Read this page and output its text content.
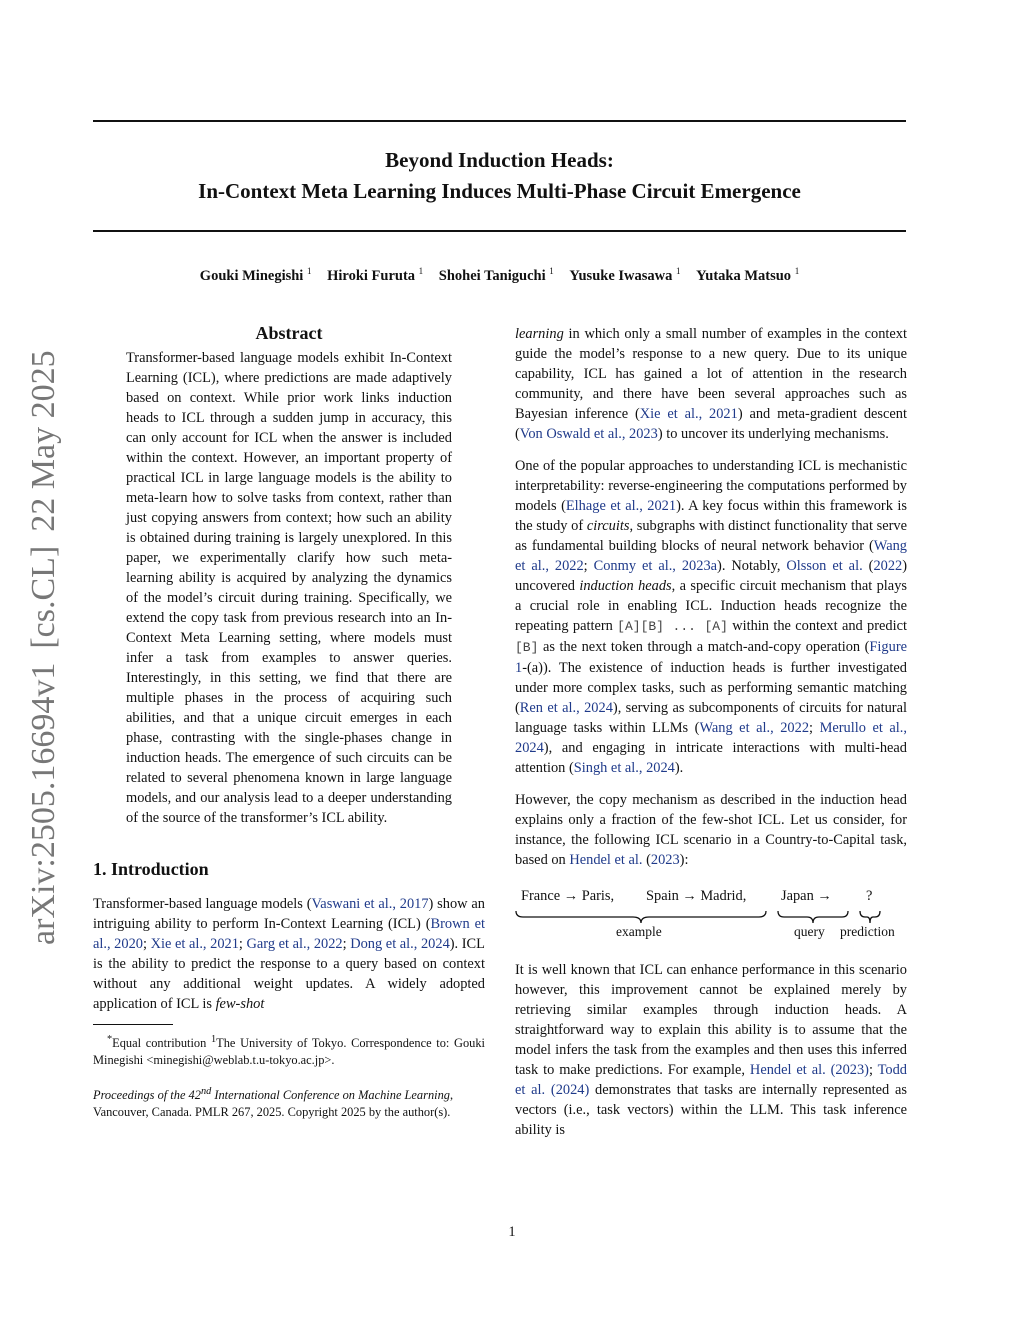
Beyond Induction Heads:
In-Context Meta Learning Induces Multi-Phase Circuit Emergence
Gouki Minegishi $^1$ Hiroki Furuta $^1$ Shohei Taniguchi $^1$ Yusuke Iwasawa $^1$ Yutaka Matsuo $^1$
arXiv:2505.16694v1[cs.CL]22 May 2025
Abstract

Transformer-based language models exhibit In-Context Learning (ICL), where predictions are made adaptively based on context. While prior work links induction heads to ICL through a sudden jump in accuracy, this can only account for ICL when the answer is included within the context. However, an important property of practical ICL in large language models is the ability to meta-learn how to solve tasks from context, rather than just copying answers from context; how such an ability is obtained during training is largely unexplored. In this paper, we experimentally clarify how such meta-learning ability is acquired by analyzing the dynamics of the model’s circuit during training. Specifically, we extend the copy task from previous research into an In-Context Meta Learning setting, where models must infer a task from examples to answer queries. Interestingly, in this setting, we find that there are multiple phases in the process of acquiring such abilities, and that a unique circuit emerges in each phase, contrasting with the single-phases change in induction heads. The emergence of such circuits can be related to several phenomena known in large language models, and our analysis lead to a deeper understanding of the source of the transformer’s ICL ability.

1. Introduction

Transformer-based language models (Vaswani et al., 2017) show an intriguing ability to perform In-Context Learning (ICL) (Brown et al., 2020; Xie et al., 2021; Garg et al., 2022; Dong et al., 2024). ICL is the ability to predict the response to a query based on context without any additional weight updates. A widely adopted application of ICL is few-shot

*Equal contribution $^1$The University of Tokyo. Correspondence to: Gouki Minegishi <minegishi@weblab.t.u-tokyo.ac.jp>.
Proceedings of the 42nd International Conference on Machine Learning, Vancouver, Canada. PMLR 267, 2025. Copyright 2025 by the author(s).

learning in which only a small number of examples in the context guide the model’s response to a new query. Due to its unique capability, ICL has gained a lot of attention in the research community, and there have been several approaches such as Bayesian inference (Xie et al., 2021) and meta-gradient descent (Von Oswald et al., 2023) to uncover its underlying mechanisms.

One of the popular approaches to understanding ICL is mechanistic interpretability: reverse-engineering the computations performed by models (Elhage et al., 2021). A key focus within this framework is the study of circuits, subgraphs with distinct functionality that serve as fundamental building blocks of neural network behavior (Wang et al., 2022; Conmy et al., 2023a). Notably, Olsson et al. (2022) uncovered induction heads, a specific circuit mechanism that plays a crucial role in enabling ICL. Induction heads recognize the repeating pattern [A][B] ... [A] within the context and predict [B] as the next token through a match-and-copy operation (Figure 1-(a)). The existence of induction heads is further investigated under more complex tasks, such as performing semantic matching (Ren et al., 2024), serving as subcomponents of circuits for natural language tasks within LLMs (Wang et al., 2022; Merullo et al., 2024), and engaging in intricate interactions with multi-head attention (Singh et al., 2024).

However, the copy mechanism as described in the induction head explains only a fraction of the few-shot ICL. Let us consider, for instance, the following ICL scenario in a Country-to-Capital task, based on Hendel et al. (2023):

France → Paris, Spain → Madrid, Japan → ?
example	query prediction

It is well known that ICL can enhance performance in this scenario however, this improvement cannot be explained merely by retrieving similar examples through induction heads. A straightforward way to explain this ability is to assume that the model infers the task from the examples and then uses this inferred task to make predictions. For example, Hendel et al. (2023); Todd et al. (2024) demonstrates that tasks are internally represented as vectors (i.e., task vectors) within the LLM. This task inference ability is

1
